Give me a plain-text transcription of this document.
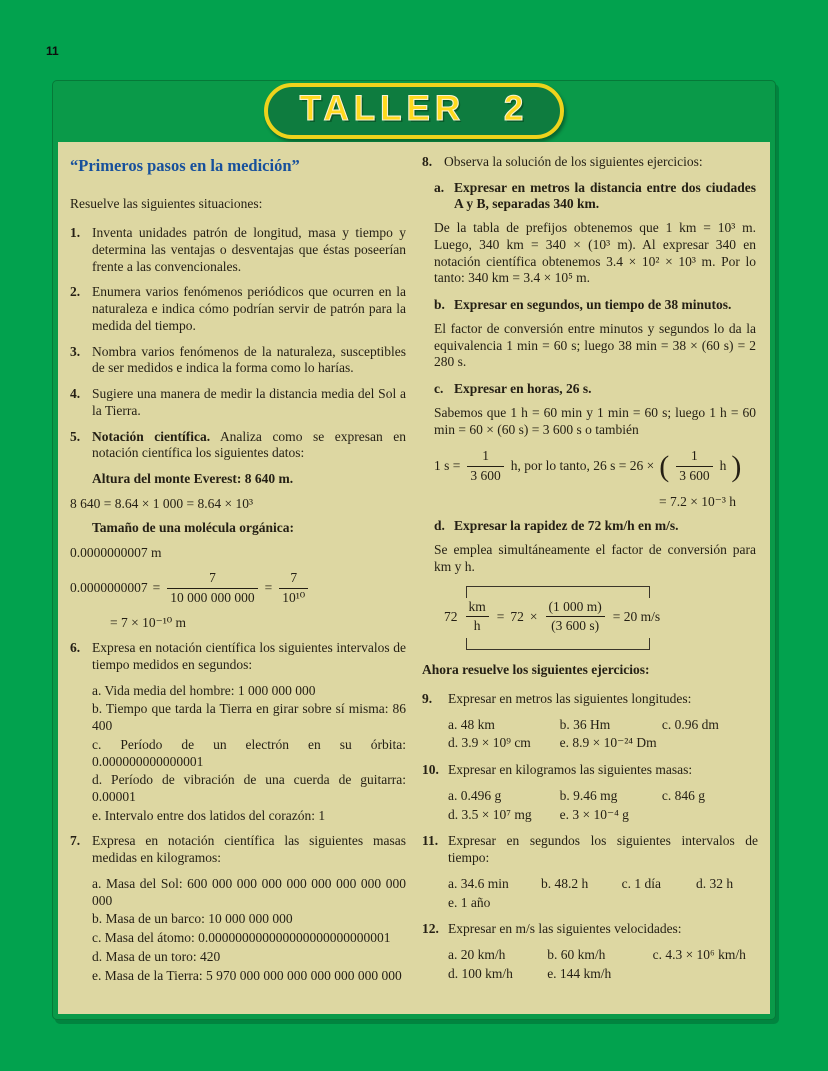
11
TALLER 2
“Primeros pasos en la medición”

Resuelve las siguientes situaciones:

1. Inventa unidades patrón de longitud, masa y tiempo y determina las ventajas o desventajas que éstas poseerían frente a las convencionales.
2. Enumera varios fenómenos periódicos que ocurren en la naturaleza e indica cómo podrían servir de patrón para la medida del tiempo.
3. Nombra varios fenómenos de la naturaleza, susceptibles de ser medidos e indica la forma como lo harías.
4. Sugiere una manera de medir la distancia media del Sol a la Tierra.
5. Notación científica. Analiza como se expresan en notación científica los siguientes datos:

Altura del monte Everest: 8 640 m.

8 640 = 8.64 × 1 000 = 8.64 × 10³

Tamaño de una molécula orgánica:

0.0000000007 m

$0.0000000007 = \frac{7}{10 000 000 000} = \frac{7}{\text{10¹⁰}}$

= 7 × 10⁻¹⁰ m

6. Expresa en notación científica los siguientes intervalos de tiempo medidos en segundos:

a. Vida media del hombre: 1 000 000 000

b. Tiempo que tarda la Tierra en girar sobre sí misma: 86 400

c. Período de un electrón en su órbita: 0.000000000000001

d. Período de vibración de una cuerda de guitarra: 0.00001

e. Intervalo entre dos latidos del corazón: 1

7. Expresa en notación científica las siguientes masas medidas en kilogramos:

a. Masa del Sol: 600 000 000 000 000 000 000 000 000 000

b. Masa de un barco: 10 000 000 000

c. Masa del átomo: 0.000000000000000000000000001

d. Masa de un toro: 420

e. Masa de la Tierra: 5 970 000 000 000 000 000 000 000

8. Observa la solución de los siguientes ejercicios:
a. Expresar en metros la distancia entre dos ciudades A y B, separadas 340 km.

De la tabla de prefijos obtenemos que 1 km = 10³ m. Luego, 340 km = 340 × (10³ m). Al expresar 340 en notación científica obtenemos 3.4 × 10² × 10³ m. Por lo tanto: 340 km = 3.4 × 10⁵ m.

b. Expresar en segundos, un tiempo de 38 minutos.

El factor de conversión entre minutos y segundos lo da la equivalencia 1 min = 60 s; luego 38 min = 38 × (60 s) = 2 280 s.

c. Expresar en horas, 26 s.

Sabemos que 1 h = 60 min y 1 min = 60 s; luego 1 h = 60 min = 60 × (60 s) = 3 600 s o también

1 $s = \frac{1}{3 600} h$, por lo tanto, 26 s = 26 × ( $\frac{1}{3 600}$ h )

= 7.2 × 10⁻³ h

d. Expresar la rapidez de 72 km/h en m/s.

Se emplea simultáneamente el factor de conversión para km y h.

$72 \frac{km}{h} = 72 \times \frac{(1 000 m)}{(3 600 s)} = 20$ m/s

Ahora resuelve los siguientes ejercicios:

9.	Expresar en metros las siguientes longitudes:
a. 48 km	b. 36 Hm	c. 0.96 dm
d. 3.9 × 10⁹ cm	e. 8.9 × 10⁻²⁴ Dm
10. Expresar en kilogramos las siguientes masas:
a. 0.496 g	b. 9.46 mg	c. 846 g
d. 3.5 × 10⁷ mg	e. 3 × 10⁻⁴ g
11. Expresar en segundos los siguientes intervalos de tiempo:
a. 34.6 min	b. 48.2 h	c. 1 día	d. 32 h
e. 1 año
12. Expresar en m/s las siguientes velocidades:
a. 20 km/h	b. 60 km/h	c. 4.3 × 10⁶ km/h
d. 100 km/h	e. 144 km/h
